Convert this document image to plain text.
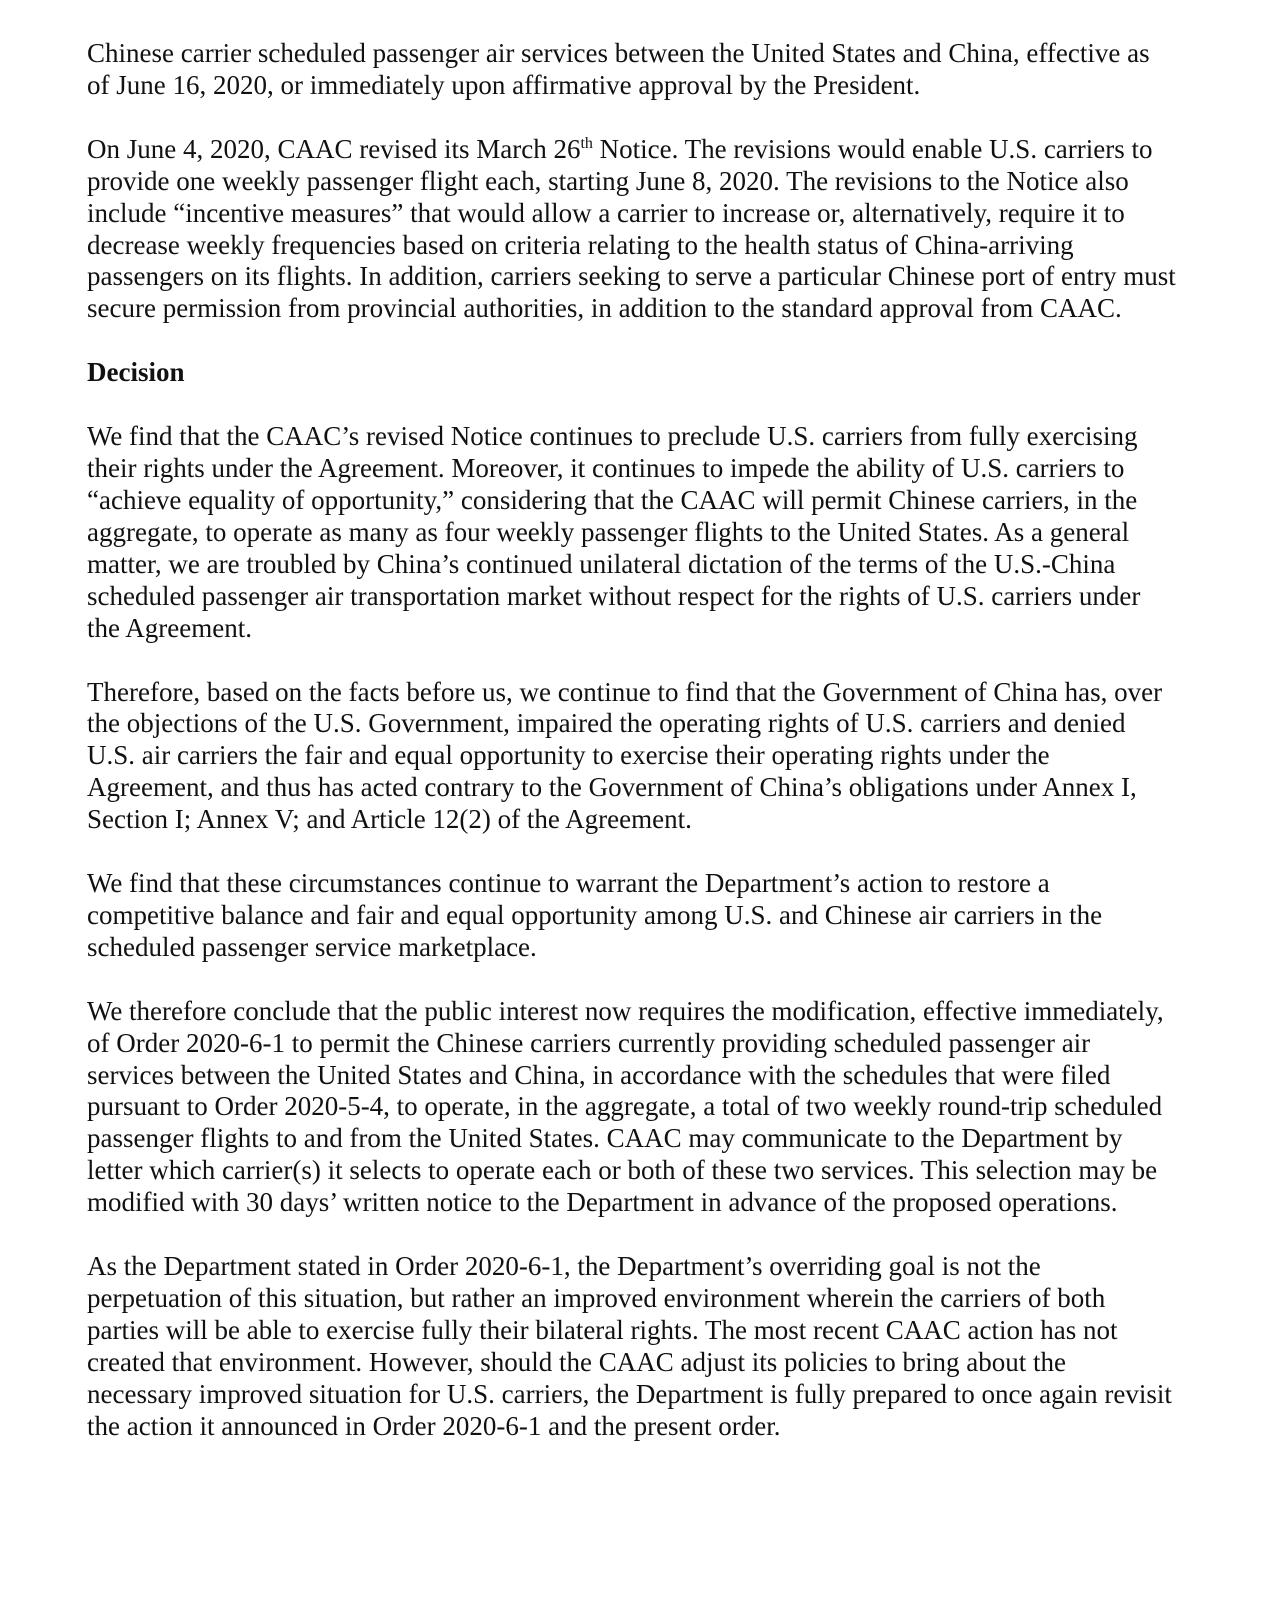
Chinese carrier scheduled passenger air services between the United States and China, effective as of June 16, 2020, or immediately upon affirmative approval by the President.

On June 4, 2020, CAAC revised its March 26th Notice. The revisions would enable U.S. carriers to provide one weekly passenger flight each, starting June 8, 2020. The revisions to the Notice also include “incentive measures” that would allow a carrier to increase or, alternatively, require it to decrease weekly frequencies based on criteria relating to the health status of China-arriving passengers on its flights. In addition, carriers seeking to serve a particular Chinese port of entry must secure permission from provincial authorities, in addition to the standard approval from CAAC.

Decision

We find that the CAAC’s revised Notice continues to preclude U.S. carriers from fully exercising their rights under the Agreement. Moreover, it continues to impede the ability of U.S. carriers to “achieve equality of opportunity,” considering that the CAAC will permit Chinese carriers, in the aggregate, to operate as many as four weekly passenger flights to the United States. As a general matter, we are troubled by China’s continued unilateral dictation of the terms of the U.S.-China scheduled passenger air transportation market without respect for the rights of U.S. carriers under the Agreement.

Therefore, based on the facts before us, we continue to find that the Government of China has, over the objections of the U.S. Government, impaired the operating rights of U.S. carriers and denied U.S. air carriers the fair and equal opportunity to exercise their operating rights under the Agreement, and thus has acted contrary to the Government of China’s obligations under Annex I, Section I; Annex V; and Article 12(2) of the Agreement.

We find that these circumstances continue to warrant the Department’s action to restore a competitive balance and fair and equal opportunity among U.S. and Chinese air carriers in the scheduled passenger service marketplace.

We therefore conclude that the public interest now requires the modification, effective immediately, of Order 2020-6-1 to permit the Chinese carriers currently providing scheduled passenger air services between the United States and China, in accordance with the schedules that were filed pursuant to Order 2020-5-4, to operate, in the aggregate, a total of two weekly round-trip scheduled passenger flights to and from the United States. CAAC may communicate to the Department by letter which carrier(s) it selects to operate each or both of these two services. This selection may be modified with 30 days’ written notice to the Department in advance of the proposed operations.

As the Department stated in Order 2020-6-1, the Department’s overriding goal is not the perpetuation of this situation, but rather an improved environment wherein the carriers of both parties will be able to exercise fully their bilateral rights. The most recent CAAC action has not created that environment. However, should the CAAC adjust its policies to bring about the necessary improved situation for U.S. carriers, the Department is fully prepared to once again revisit the action it announced in Order 2020-6-1 and the present order.
